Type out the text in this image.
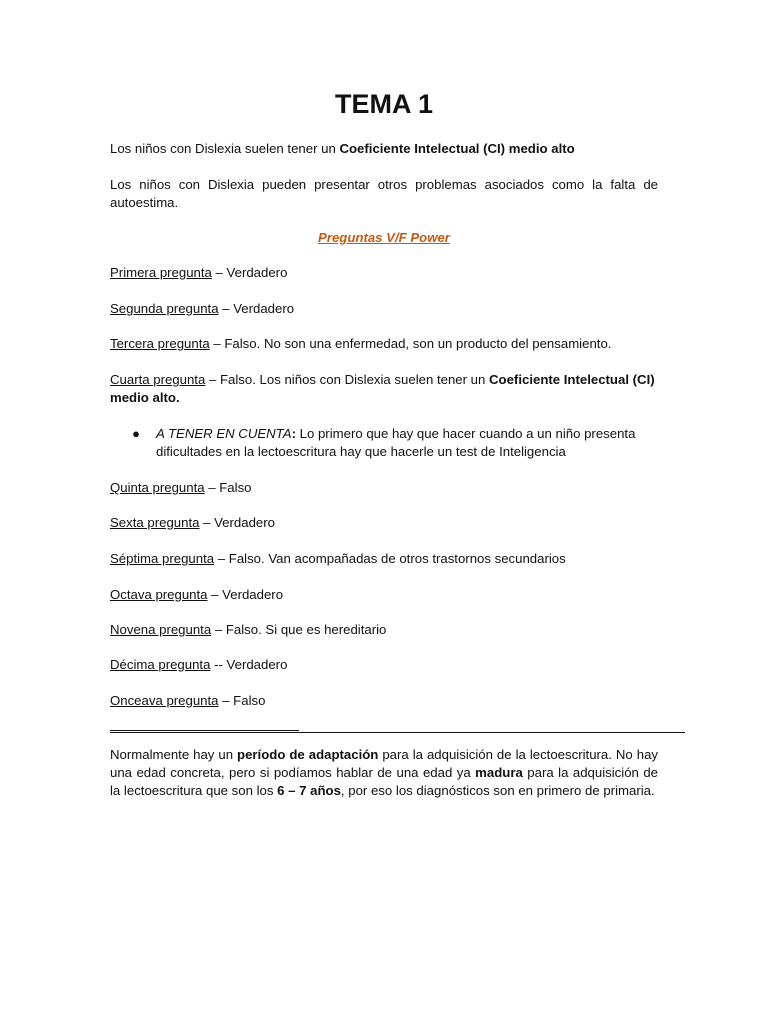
TEMA 1

Los niños con Dislexia suelen tener un Coeficiente Intelectual (CI) medio alto

Los niños con Dislexia pueden presentar otros problemas asociados como la falta de autoestima.

Preguntas V/F Power

Primera pregunta – Verdadero

Segunda pregunta – Verdadero

Tercera pregunta – Falso. No son una enfermedad, son un producto del pensamiento.

Cuarta pregunta – Falso. Los niños con Dislexia suelen tener un Coeficiente Intelectual (CI) medio alto.

● A TENER EN CUENTA: Lo primero que hay que hacer cuando a un niño presenta dificultades en la lectoescritura hay que hacerle un test de Inteligencia

Quinta pregunta – Falso

Sexta pregunta – Verdadero

Séptima pregunta – Falso. Van acompañadas de otros trastornos secundarios

Octava pregunta – Verdadero

Novena pregunta – Falso. Si que es hereditario

Décima pregunta -- Verdadero

Onceava pregunta – Falso

Normalmente hay un período de adaptación para la adquisición de la lectoescritura. No hay una edad concreta, pero si podíamos hablar de una edad ya madura para la adquisición de la lectoescritura que son los 6 – 7 años, por eso los diagnósticos son en primero de primaria.
